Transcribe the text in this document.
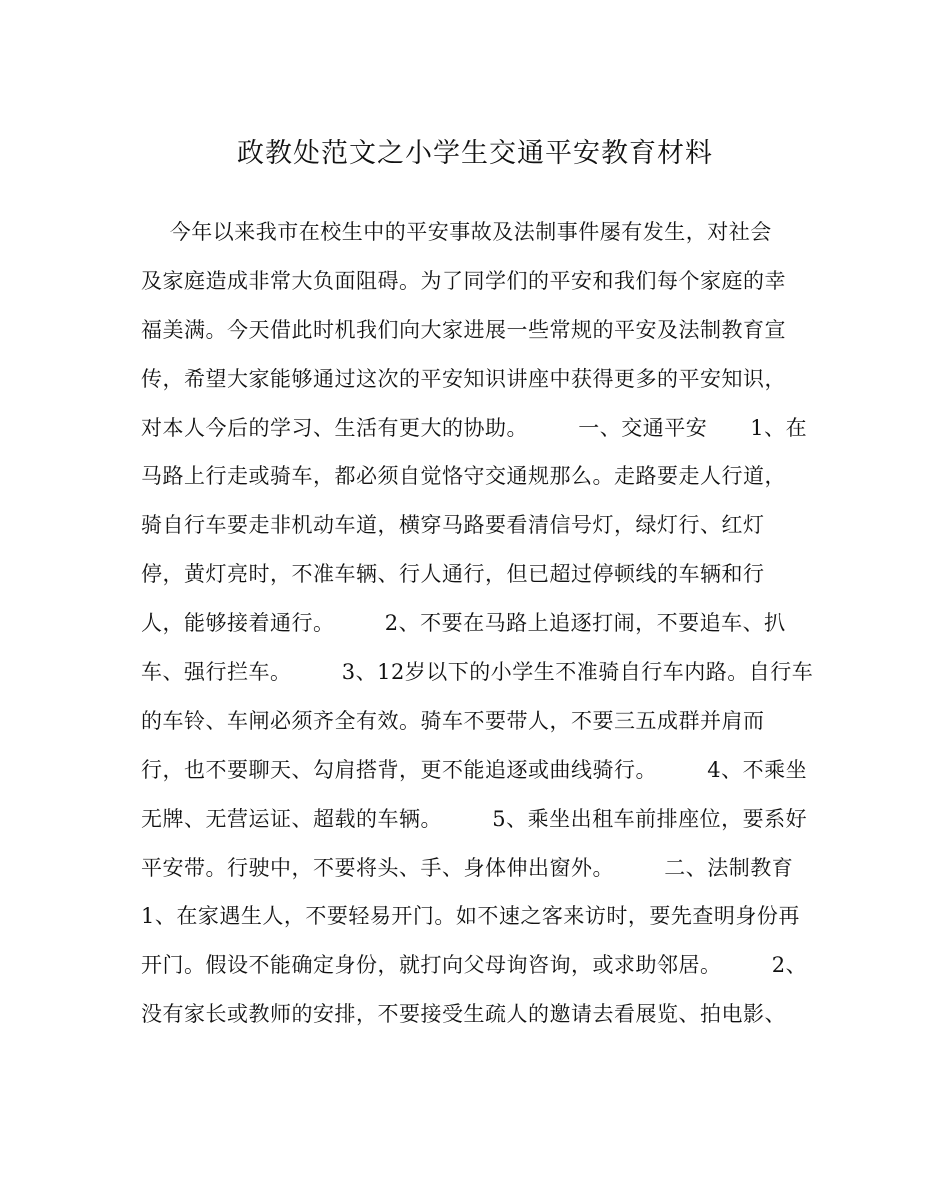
政教处范文之小学生交通平安教育材料
今年以来我市在校生中的平安事故及法制事件屡有发生，对社会
及家庭造成非常大负面阻碍。为了同学们的平安和我们每个家庭的幸
福美满。今天借此时机我们向大家进展一些常规的平安及法制教育宣
传，希望大家能够通过这次的平安知识讲座中获得更多的平安知识，
对本人今后的学习、生活有更大的协助。       一、交通平安      1、在
马路上行走或骑车，都必须自觉恪守交通规那么。走路要走人行道，
骑自行车要走非机动车道，横穿马路要看清信号灯，绿灯行、红灯
停，黄灯亮时，不准车辆、行人通行，但已超过停顿线的车辆和行
人，能够接着通行。       2、不要在马路上追逐打闹，不要追车、扒
车、强行拦车。       3、12岁以下的小学生不准骑自行车内路。自行车
的车铃、车闸必须齐全有效。骑车不要带人，不要三五成群并肩而
行，也不要聊天、勾肩搭背，更不能追逐或曲线骑行。       4、不乘坐
无牌、无营运证、超载的车辆。       5、乘坐出租车前排座位，要系好
平安带。行驶中，不要将头、手、身体伸出窗外。       二、法制教育
1、在家遇生人，不要轻易开门。如不速之客来访时，要先查明身份再
开门。假设不能确定身份，就打向父母询咨询，或求助邻居。       2、
没有家长或教师的安排，不要接受生疏人的邀请去看展览、拍电影、
